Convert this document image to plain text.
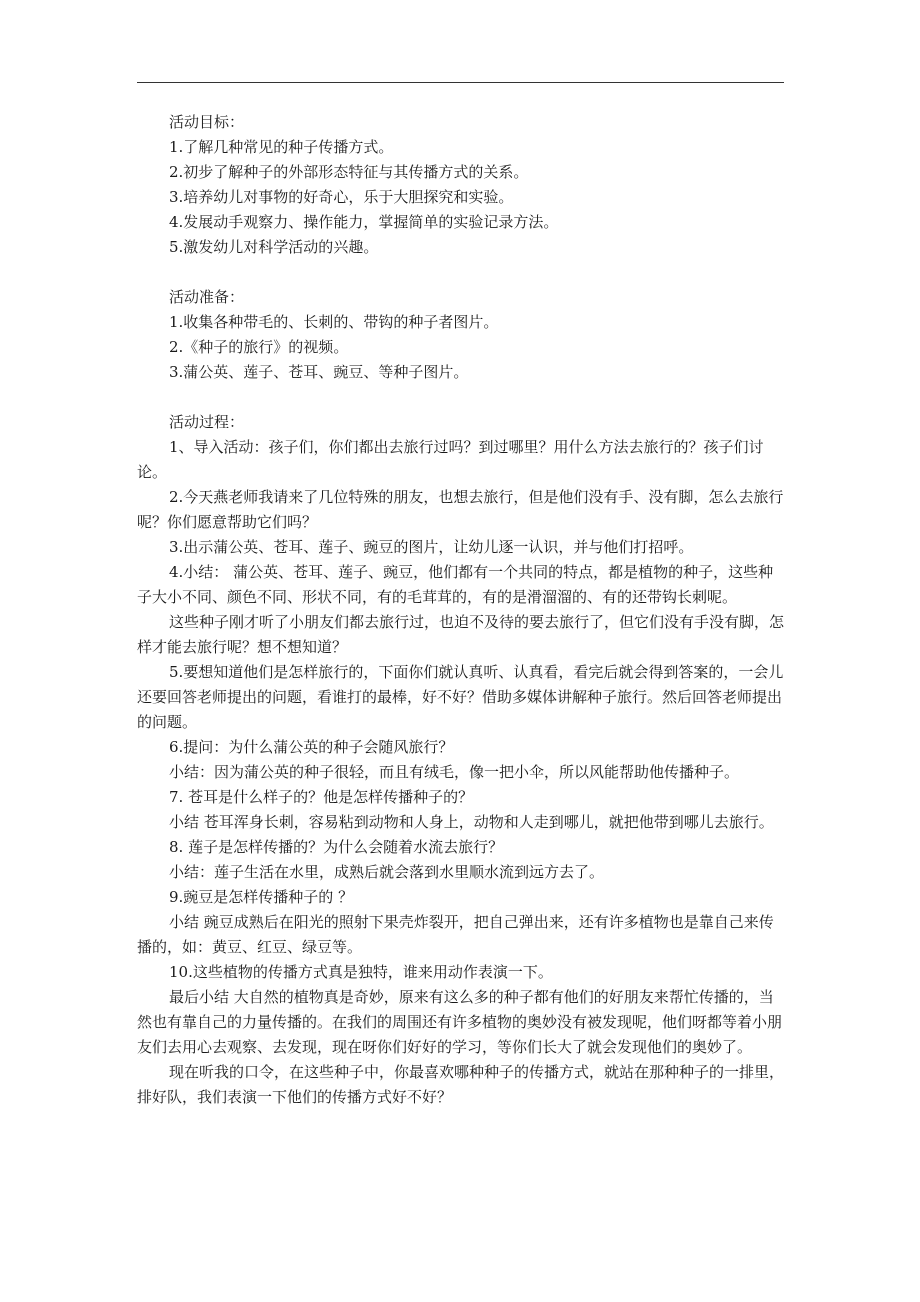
活动目标：

1.了解几种常见的种子传播方式。

2.初步了解种子的外部形态特征与其传播方式的关系。

3.培养幼儿对事物的好奇心，乐于大胆探究和实验。

4.发展动手观察力、操作能力，掌握简单的实验记录方法。

5.激发幼儿对科学活动的兴趣。

活动准备：

1.收集各种带毛的、长刺的、带钩的种子者图片。

2.《种子的旅行》的视频。

3.蒲公英、莲子、苍耳、豌豆、等种子图片。

活动过程：

1、导入活动：孩子们，你们都出去旅行过吗？到过哪里？用什么方法去旅行的？孩子们讨论。

2.今天燕老师我请来了几位特殊的朋友，也想去旅行，但是他们没有手、没有脚，怎么去旅行呢？你们愿意帮助它们吗？

3.出示蒲公英、苍耳、莲子、豌豆的图片，让幼儿逐一认识，并与他们打招呼。

4.小结： 蒲公英、苍耳、莲子、豌豆，他们都有一个共同的特点，都是植物的种子，这些种子大小不同、颜色不同、形状不同，有的毛茸茸的，有的是滑溜溜的、有的还带钩长刺呢。

这些种子刚才听了小朋友们都去旅行过，也迫不及待的要去旅行了，但它们没有手没有脚，怎样才能去旅行呢？想不想知道？

5.要想知道他们是怎样旅行的，下面你们就认真听、认真看，看完后就会得到答案的，一会儿还要回答老师提出的问题，看谁打的最棒，好不好？借助多媒体讲解种子旅行。然后回答老师提出的问题。

6.提问：为什么蒲公英的种子会随风旅行？

小结：因为蒲公英的种子很轻，而且有绒毛，像一把小伞，所以风能帮助他传播种子。

7. 苍耳是什么样子的？他是怎样传播种子的？

小结 苍耳浑身长刺，容易粘到动物和人身上，动物和人走到哪儿，就把他带到哪儿去旅行。

8. 莲子是怎样传播的？为什么会随着水流去旅行？

小结：莲子生活在水里，成熟后就会落到水里顺水流到远方去了。

9.豌豆是怎样传播种子的 ？

小结 豌豆成熟后在阳光的照射下果壳炸裂开，把自己弹出来，还有许多植物也是靠自己来传播的，如：黄豆、红豆、绿豆等。

10.这些植物的传播方式真是独特，谁来用动作表演一下。

最后小结 大自然的植物真是奇妙，原来有这么多的种子都有他们的好朋友来帮忙传播的，当然也有靠自己的力量传播的。在我们的周围还有许多植物的奥妙没有被发现呢，他们呀都等着小朋友们去用心去观察、去发现，现在呀你们好好的学习，等你们长大了就会发现他们的奥妙了。

现在听我的口令，在这些种子中，你最喜欢哪种种子的传播方式，就站在那种种子的一排里，排好队，我们表演一下他们的传播方式好不好？
